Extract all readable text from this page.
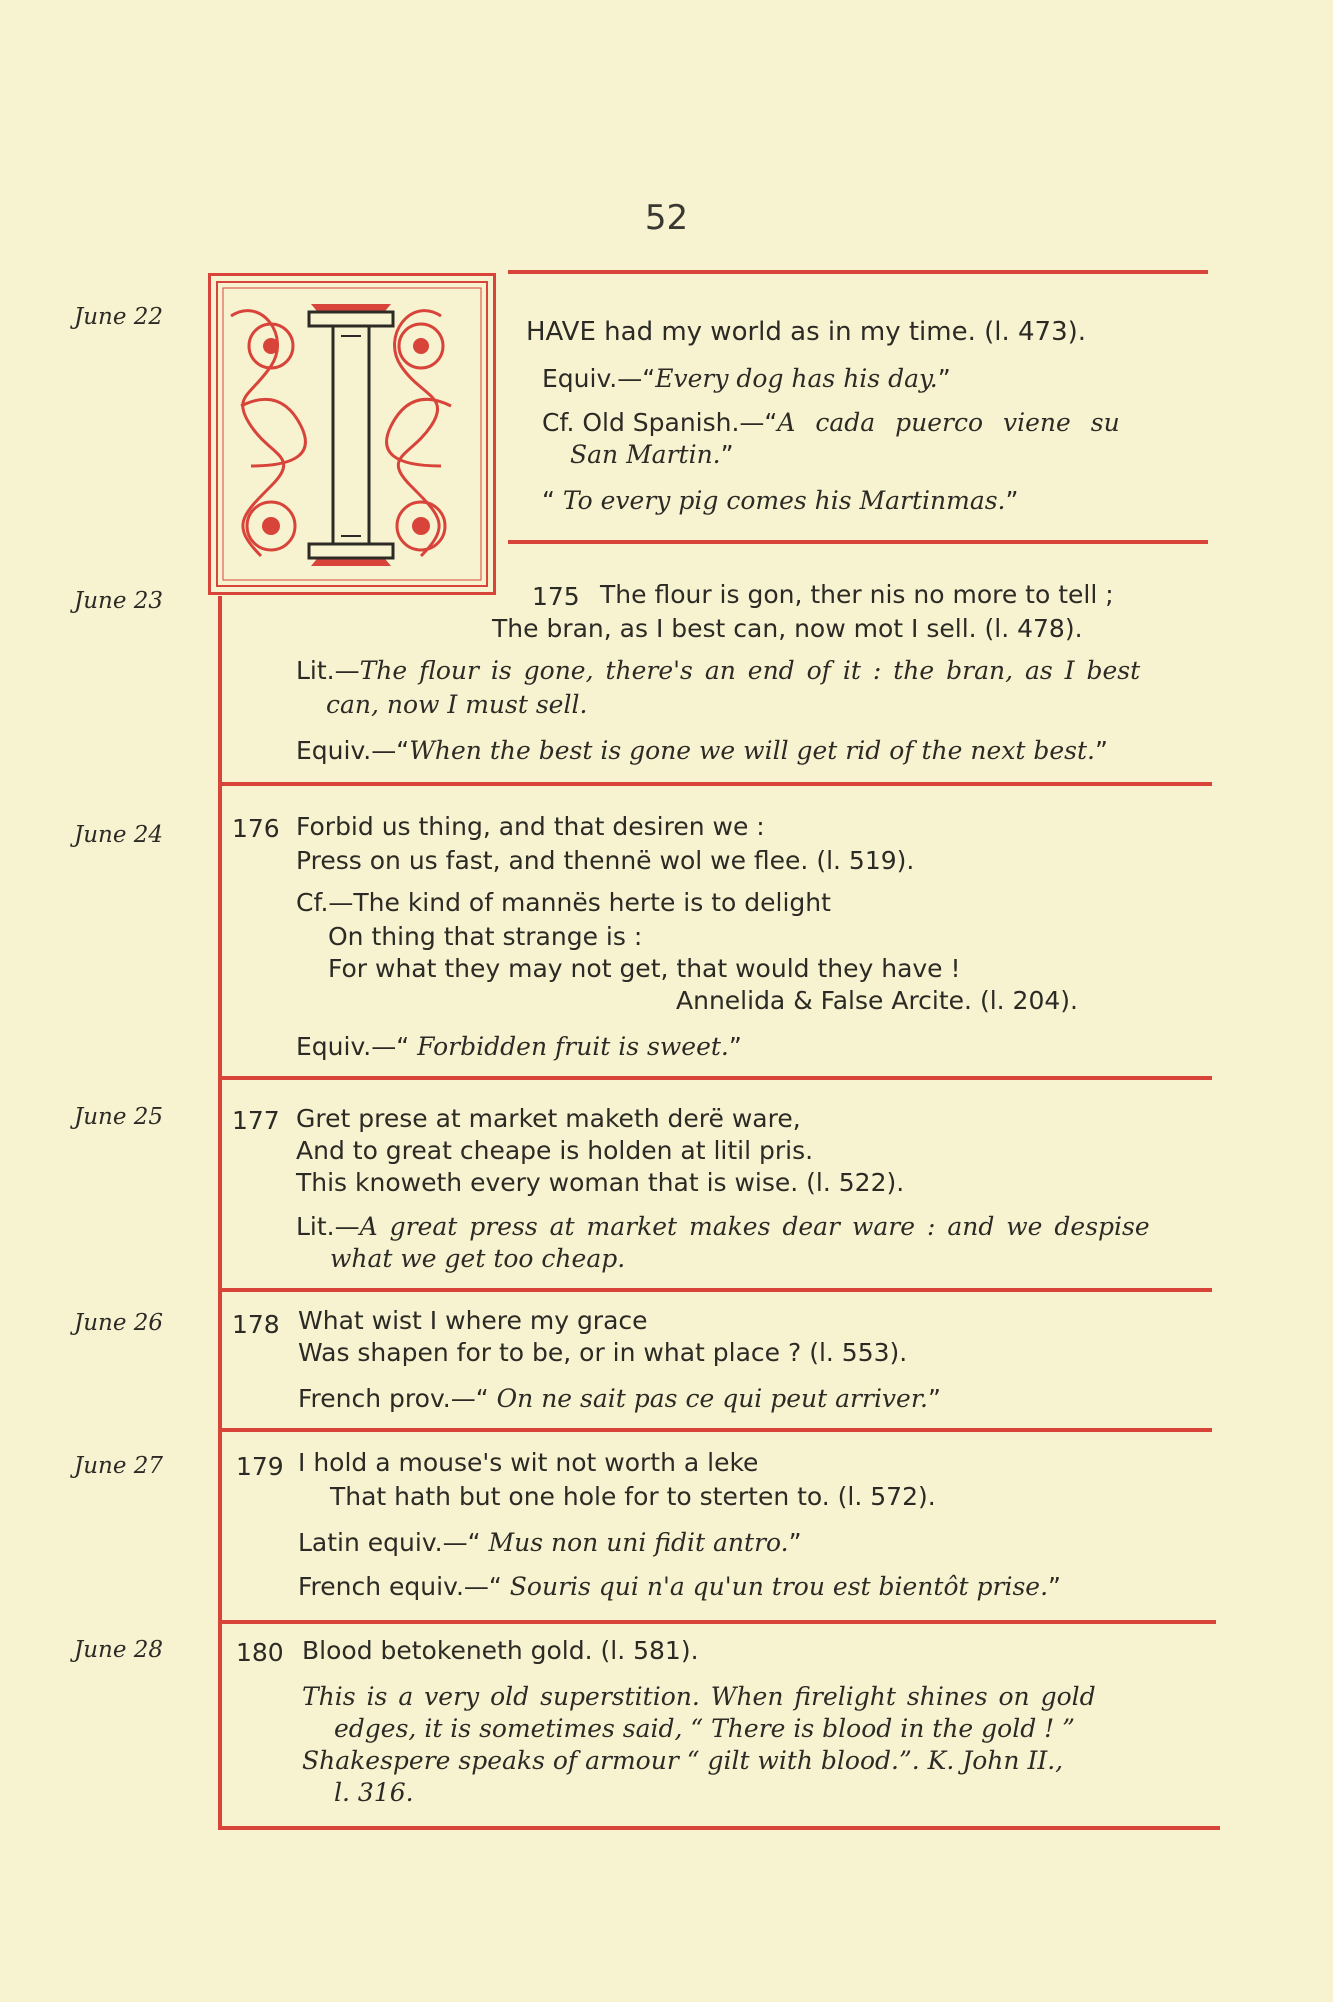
52
June 22
June 23
June 24
June 25
June 26
June 27
June 28
HAVE had my world as in my time. (l. 473).
Equiv.—“Every dog has his day.”
Cf. Old Spanish.—“A cada puerco viene su
San Martin.”
“ To every pig comes his Martinmas.”
175 The flour is gon, ther nis no more to tell ;
The bran, as I best can, now mot I sell. (l. 478).
Lit.—The flour is gone, there's an end of it : the bran, as I best
can, now I must sell.
Equiv.—“When the best is gone we will get rid of the next best.”
176 Forbid us thing, and that desiren we :
Press on us fast, and thennë wol we flee. (l. 519).
Cf.—The kind of mannës herte is to delight
On thing that strange is :
For what they may not get, that would they have !
Annelida & False Arcite. (l. 204).
Equiv.—“ Forbidden fruit is sweet.”
177 Gret prese at market maketh derë ware,
And to great cheape is holden at litil pris.
This knoweth every woman that is wise. (l. 522).
Lit.—A great press at market makes dear ware : and we despise
what we get too cheap.
178 What wist I where my grace
Was shapen for to be, or in what place ? (l. 553).
French prov.—“ On ne sait pas ce qui peut arriver.”
179 I hold a mouse's wit not worth a leke
That hath but one hole for to sterten to. (l. 572).
Latin equiv.—“ Mus non uni fidit antro.”
French equiv.—“ Souris qui n'a qu'un trou est bientôt prise.”
180 Blood betokeneth gold. (l. 581).
This is a very old superstition. When firelight shines on gold
edges, it is sometimes said, “ There is blood in the gold ! ”
Shakespere speaks of armour “ gilt with blood.”. K. John II.,
l. 316.
